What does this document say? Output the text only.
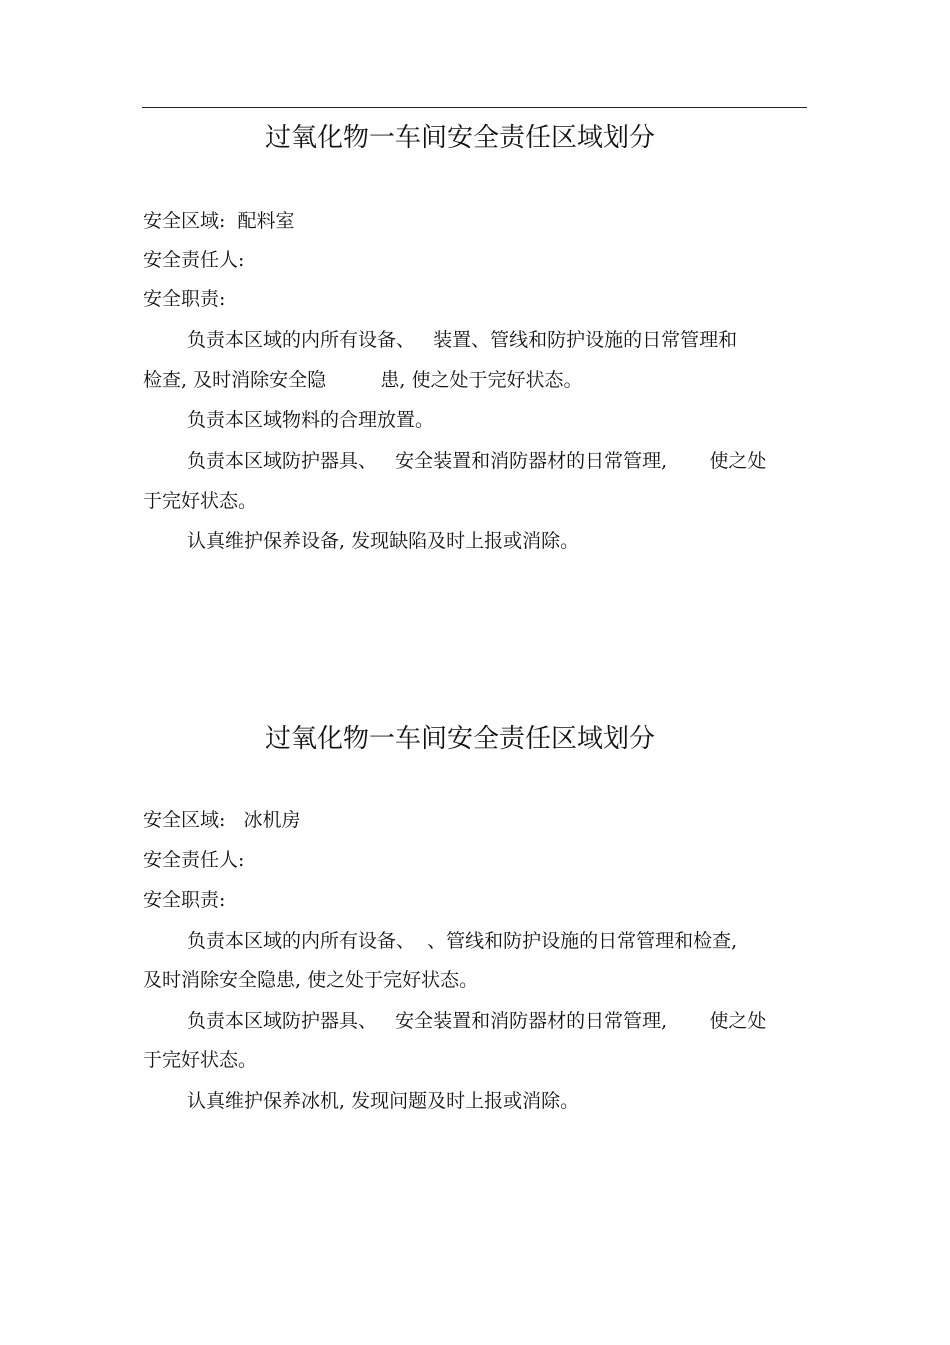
过氧化物一车间安全责任区域划分
安全区域:  配料室
安全责任人:
安全职责:
负责本区域的内所有设备、   装置、管线和防护设施的日常管理和
检查, 及时消除安全隐         患, 使之处于完好状态。
负责本区域物料的合理放置。
负责本区域防护器具、   安全装置和消防器材的日常管理,       使之处
于完好状态。
认真维护保养设备, 发现缺陷及时上报或消除。
过氧化物一车间安全责任区域划分
安全区域:   冰机房
安全责任人:
安全职责:
负责本区域的内所有设备、  、管线和防护设施的日常管理和检查,
及时消除安全隐患, 使之处于完好状态。
负责本区域防护器具、   安全装置和消防器材的日常管理,       使之处
于完好状态。
认真维护保养冰机, 发现问题及时上报或消除。
